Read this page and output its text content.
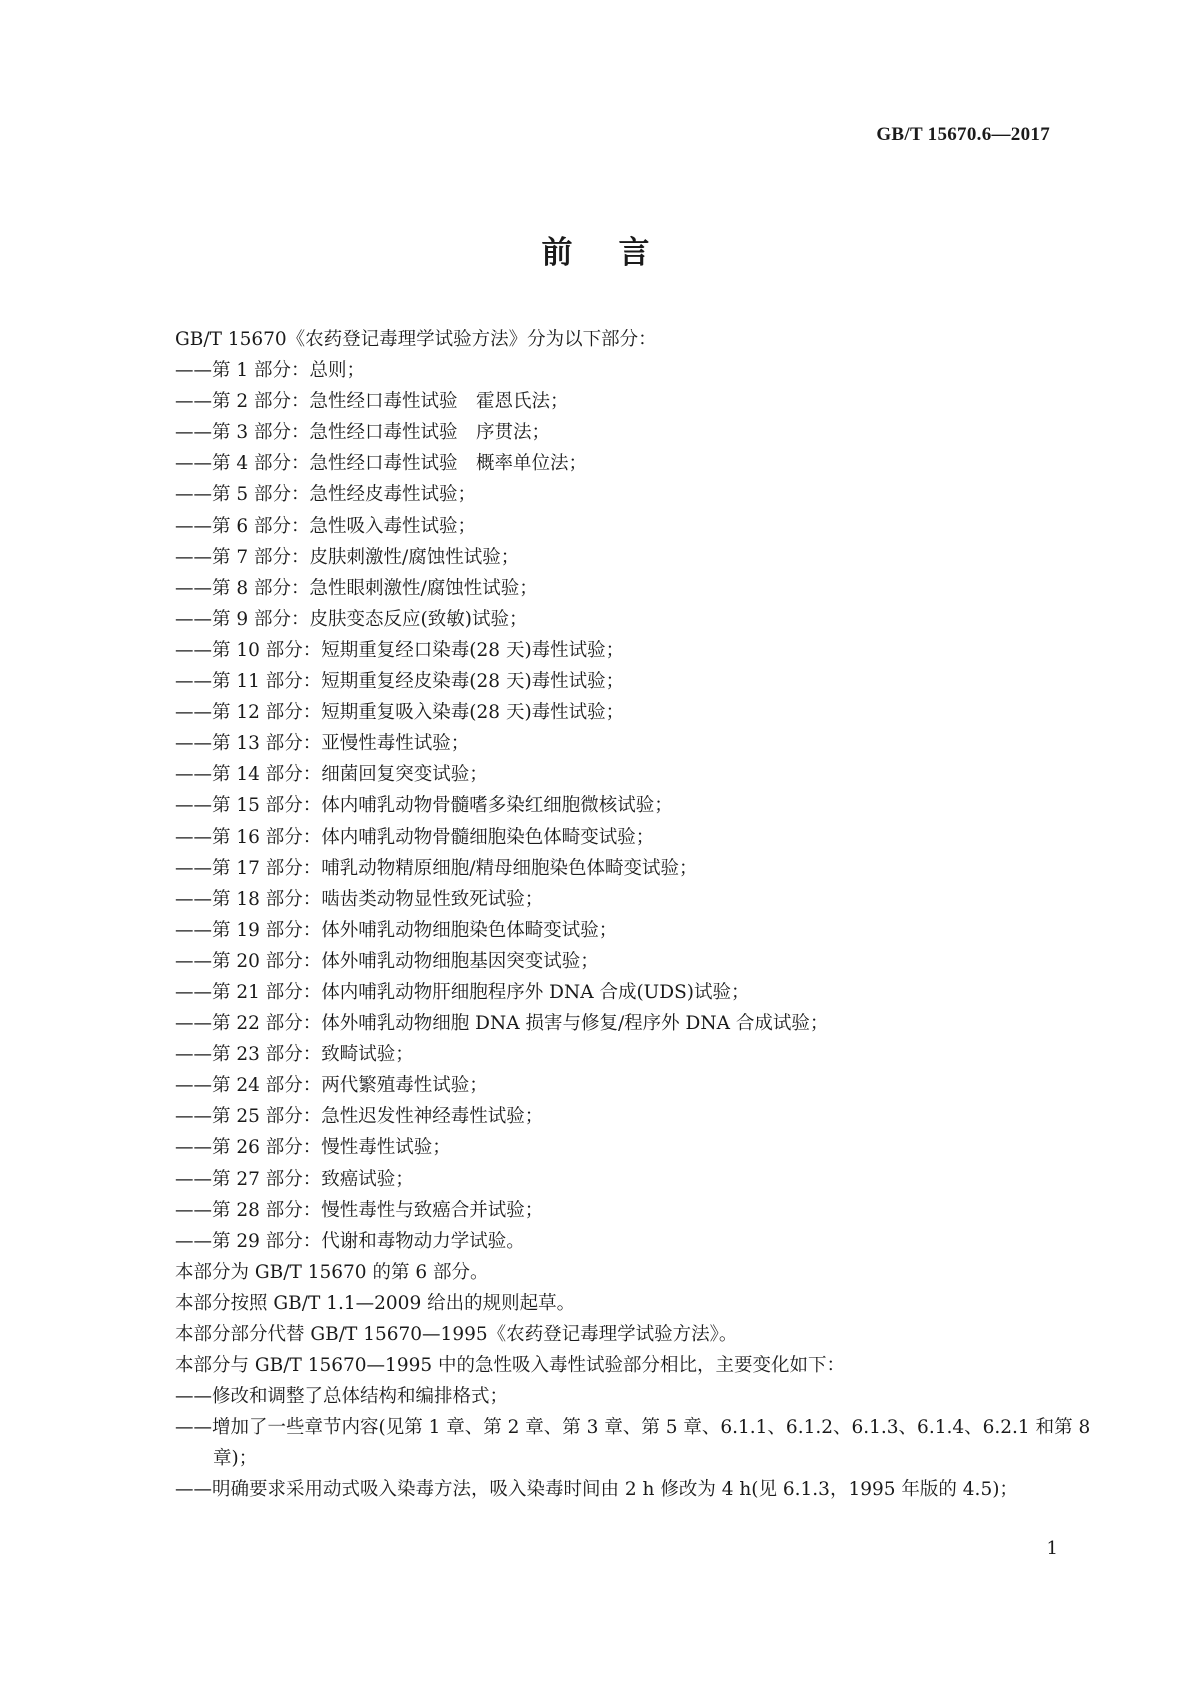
GB/T 15670.6—2017
前言
GB/T 15670《农药登记毒理学试验方法》分为以下部分：
——第 1 部分：总则；
——第 2 部分：急性经口毒性试验　霍恩氏法；
——第 3 部分：急性经口毒性试验　序贯法；
——第 4 部分：急性经口毒性试验　概率单位法；
——第 5 部分：急性经皮毒性试验；
——第 6 部分：急性吸入毒性试验；
——第 7 部分：皮肤刺激性/腐蚀性试验；
——第 8 部分：急性眼刺激性/腐蚀性试验；
——第 9 部分：皮肤变态反应(致敏)试验；
——第 10 部分：短期重复经口染毒(28 天)毒性试验；
——第 11 部分：短期重复经皮染毒(28 天)毒性试验；
——第 12 部分：短期重复吸入染毒(28 天)毒性试验；
——第 13 部分：亚慢性毒性试验；
——第 14 部分：细菌回复突变试验；
——第 15 部分：体内哺乳动物骨髓嗜多染红细胞微核试验；
——第 16 部分：体内哺乳动物骨髓细胞染色体畸变试验；
——第 17 部分：哺乳动物精原细胞/精母细胞染色体畸变试验；
——第 18 部分：啮齿类动物显性致死试验；
——第 19 部分：体外哺乳动物细胞染色体畸变试验；
——第 20 部分：体外哺乳动物细胞基因突变试验；
——第 21 部分：体内哺乳动物肝细胞程序外 DNA 合成(UDS)试验；
——第 22 部分：体外哺乳动物细胞 DNA 损害与修复/程序外 DNA 合成试验；
——第 23 部分：致畸试验；
——第 24 部分：两代繁殖毒性试验；
——第 25 部分：急性迟发性神经毒性试验；
——第 26 部分：慢性毒性试验；
——第 27 部分：致癌试验；
——第 28 部分：慢性毒性与致癌合并试验；
——第 29 部分：代谢和毒物动力学试验。
本部分为 GB/T 15670 的第 6 部分。
本部分按照 GB/T 1.1—2009 给出的规则起草。
本部分部分代替 GB/T 15670—1995《农药登记毒理学试验方法》。
本部分与 GB/T 15670—1995 中的急性吸入毒性试验部分相比，主要变化如下：
——修改和调整了总体结构和编排格式；
——增加了一些章节内容(见第 1 章、第 2 章、第 3 章、第 5 章、6.1.1、6.1.2、6.1.3、6.1.4、6.2.1 和第 8
章)；
——明确要求采用动式吸入染毒方法，吸入染毒时间由 2 h 修改为 4 h(见 6.1.3，1995 年版的 4.5)；
1
